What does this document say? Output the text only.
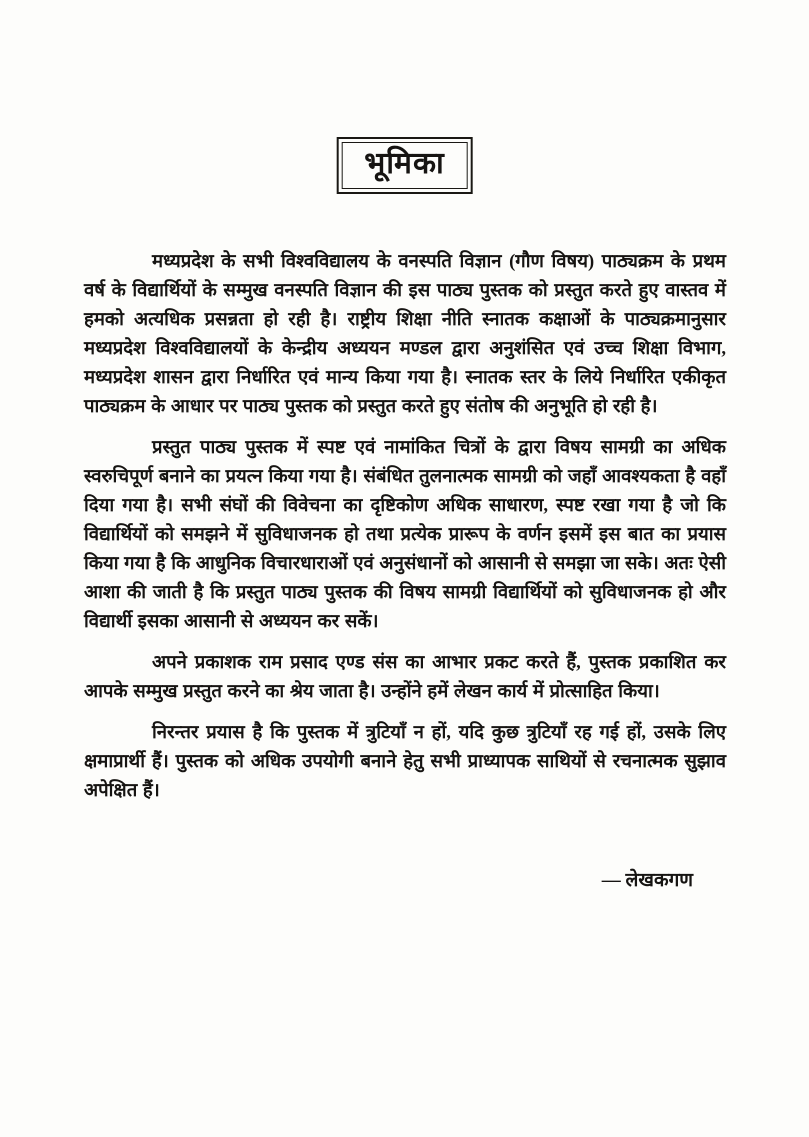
भूमिका

मध्यप्रदेश के सभी विश्वविद्यालय के वनस्पति विज्ञान (गौण विषय) पाठ्यक्रम के प्रथम वर्ष के विद्यार्थियों के सम्मुख वनस्पति विज्ञान की इस पाठ्य पुस्तक को प्रस्तुत करते हुए वास्तव में हमको अत्यधिक प्रसन्नता हो रही है। राष्ट्रीय शिक्षा नीति स्नातक कक्षाओं के पाठ्यक्रमानुसार मध्यप्रदेश विश्वविद्यालयों के केन्द्रीय अध्ययन मण्डल द्वारा अनुशंसित एवं उच्च शिक्षा विभाग, मध्यप्रदेश शासन द्वारा निर्धारित एवं मान्य किया गया है। स्नातक स्तर के लिये निर्धारित एकीकृत पाठ्यक्रम के आधार पर पाठ्य पुस्तक को प्रस्तुत करते हुए संतोष की अनुभूति हो रही है।

प्रस्तुत पाठ्य पुस्तक में स्पष्ट एवं नामांकित चित्रों के द्वारा विषय सामग्री का अधिक स्वरुचिपूर्ण बनाने का प्रयत्न किया गया है। संबंधित तुलनात्मक सामग्री को जहाँ आवश्यकता है वहाँ दिया गया है। सभी संघों की विवेचना का दृष्टिकोण अधिक साधारण, स्पष्ट रखा गया है जो कि विद्यार्थियों को समझने में सुविधाजनक हो तथा प्रत्येक प्रारूप के वर्णन इसमें इस बात का प्रयास किया गया है कि आधुनिक विचारधाराओं एवं अनुसंधानों को आसानी से समझा जा सके। अतः ऐसी आशा की जाती है कि प्रस्तुत पाठ्य पुस्तक की विषय सामग्री विद्यार्थियों को सुविधाजनक हो और विद्यार्थी इसका आसानी से अध्ययन कर सकें।

अपने प्रकाशक राम प्रसाद एण्ड संस का आभार प्रकट करते हैं, पुस्तक प्रकाशित कर आपके सम्मुख प्रस्तुत करने का श्रेय जाता है। उन्होंने हमें लेखन कार्य में प्रोत्साहित किया।

निरन्तर प्रयास है कि पुस्तक में त्रुटियाँ न हों, यदि कुछ त्रुटियाँ रह गई हों, उसके लिए क्षमाप्रार्थी हैं। पुस्तक को अधिक उपयोगी बनाने हेतु सभी प्राध्यापक साथियों से रचनात्मक सुझाव अपेक्षित हैं।

— लेखकगण
